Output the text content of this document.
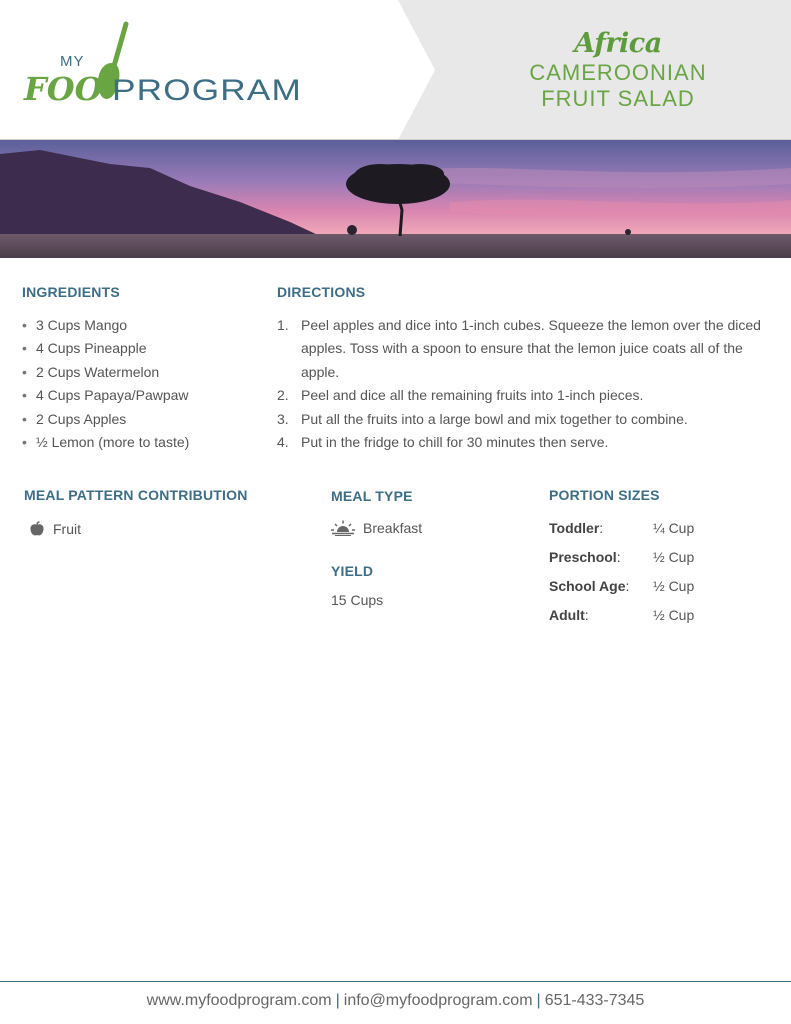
MY
FOO PROGRAM
Africa
CAMEROONIAN
FRUIT SALAD
INGREDIENTS
• 3 Cups Mango
• 4 Cups Pineapple
• 2 Cups Watermelon
• 4 Cups Papaya/Pawpaw
• 2 Cups Apples
• ½ Lemon (more to taste)
DIRECTIONS
1. Peel apples and dice into 1-inch cubes. Squeeze the lemon over the diced apples. Toss with a spoon to ensure that the lemon juice coats all of the apple.
2. Peel and dice all the remaining fruits into 1-inch pieces.
3. Put all the fruits into a large bowl and mix together to combine.
4. Put in the fridge to chill for 30 minutes then serve.
MEAL PATTERN CONTRIBUTION
Fruit
MEAL TYPE
Breakfast
YIELD
15 Cups
PORTION SIZES
Toddler:	¼ Cup
Preschool: ½ Cup
School Age: ½ Cup
Adult:	½ Cup
www.myfoodprogram.com | info@myfoodprogram.com | 651-433-7345
